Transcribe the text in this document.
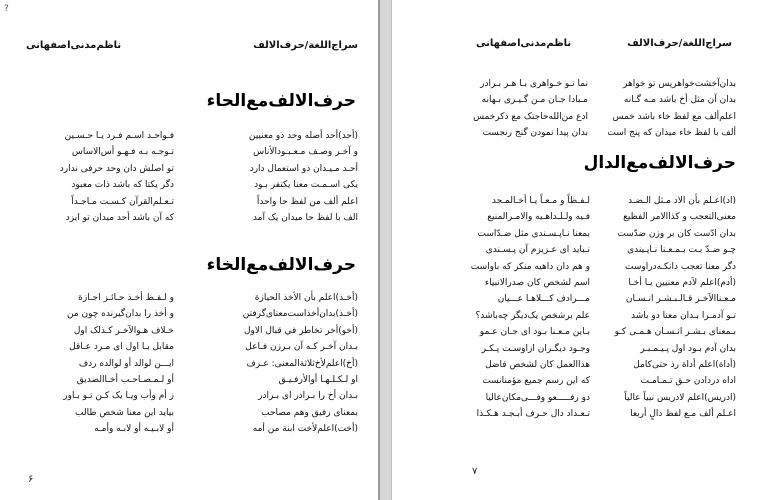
?
سراج‌اللغة/حرف‌الالف
ناظم‌مدنی‌اصفهانی
حرف‌الالف‌مع‌الحاء
(أحد)أحد أصله وحد ذو معنيين
و آخـر وصـف مـعـبـود‌الأناس
أحـد مـيـدان دو استعمال دارد
يكی اسـمـت معنا يكتفر بـود
اعلم ألف من لفظ حا واحداً
الف با لفظ حا ميدان يک آمد
فـواحـد اسـم فـرد يـا حـسـين
تـوجـه بـه فـهـو أس‌الاساس
تو اصلش دان وحد حرفی ندارد
دگر يكتا كه باشد ذات معبود
تـعـلم‌القرآن كـسـت مـاجـداً
كه آن باشد أحد ميدان تو ايزد
حرف‌الالف‌مع‌الخاء
(أخـذ)اعلم بأن الأخذ الحيازة
(أخـذ)بدان‌أخذاست‌معنای‌گرفتن
(أخو)أخر تخاطر في قبال الاول
بـدان آخـر كـه آن بـرزن فـاعل
(أخ)اعلم‌لأخ‌ثلاثة‌المعنی: عـرف
او لـكـلـهـا أوالأرفـيـق
بـدان أخ را بـرادر ای بـرادر
بمعنای رفيق وهم مصاحب
(أخت)اعلم‌لأخت ابنة من أمه
و لـفـظ أخـذ حـائـز اجـازة
و أخذ را بدان‌گيرنده چون من
خـلاف هـوالآخـر كـذلک اول
مقابل بـا اول ای مـرد عـاقل
ايـــن لوالد أو لوالده ردف
أو لـمـصـاحـب أخـاالصديق
ز أم وأب ويـا يک كـن تـو بـاور
بيايد اين معنا شخص طالب
أو لابـيـه أو لابـه وأمـه
۶
سراج‌اللغة/حرف‌الالف
ناظم‌مدنی‌اصفهانی
بدان‌آخشت‌خواهرپس تو خواهر
بدان آن مثل أخ باشد مـه گـانه
اعلم‌ألف مع لفظ خاء باشد خمس
ألف با لفظ خاء ميدان كه پنج است
نما تـو خـواهری بـا هـر بـرادر
مـبادا جـان مـن گـيـری بـهانه
ادع من‌الله‌حاجتک مع ذكرخمس
بدان پيدا نمودن گنج رنجست
حرف‌الالف‌مع‌الدال
(اد)اعـلم بأن الاد مـثل الـضـد
معنی‌التعجب و كذا‌الامر الفظيع
بدان ادّست كان بر وزن ضدّست
چـو ضـدّ بـت بـمـعـنا نـاپـيندی
دگر معنا تعجب دانکـه‌دراوست
(أدم)اعلم لآدم معنيين يـا أخـا
مـعـنا‌الآخـر قـالـبـشـر انـسـان
تـو آدمـرا بـدان معنا دو باشد
بـمعنای بـشـر انـسـان هـمـی كـو
بدان آدم بـود اول پـيـمـبـر
(أداة)اعلم أداة رذ حتی‌كامل
اداه دردادن حـق تـمـامـت
(ادريس)اعلم لادريس نبياً عالياً
اعـلم ألف مـع لفظ دالٍ أربعا
لـفـظاً و مـعـاً يـا أخـالمـجد
فـيه ولـلـداهـيه والامـرالمنيع
بمعنا نـاپـسـندی مثل ضـدّاست
نـبايد ای عـزيزم آن پـسـندی
و هم دان داهيه منكر كه باواست
اسم لشخص كان صدرالانبياء
مـــرادف كـــلاهـا عـــيان
علم برشخص يک‌ديگر چه‌باشد؟
بـاين مـعـنا بـود ای جـان عـمو
وجـود ديگـران ازاوسـت پـكـر
هذاالعمل كان لشخص فاضل
كه اين رسم جميع مؤمنانست
دو رفـــــعو وفـــی‌مكان‌عاليا
تـعـداد دال حـرف أبـجـد هـكـذا
۷
